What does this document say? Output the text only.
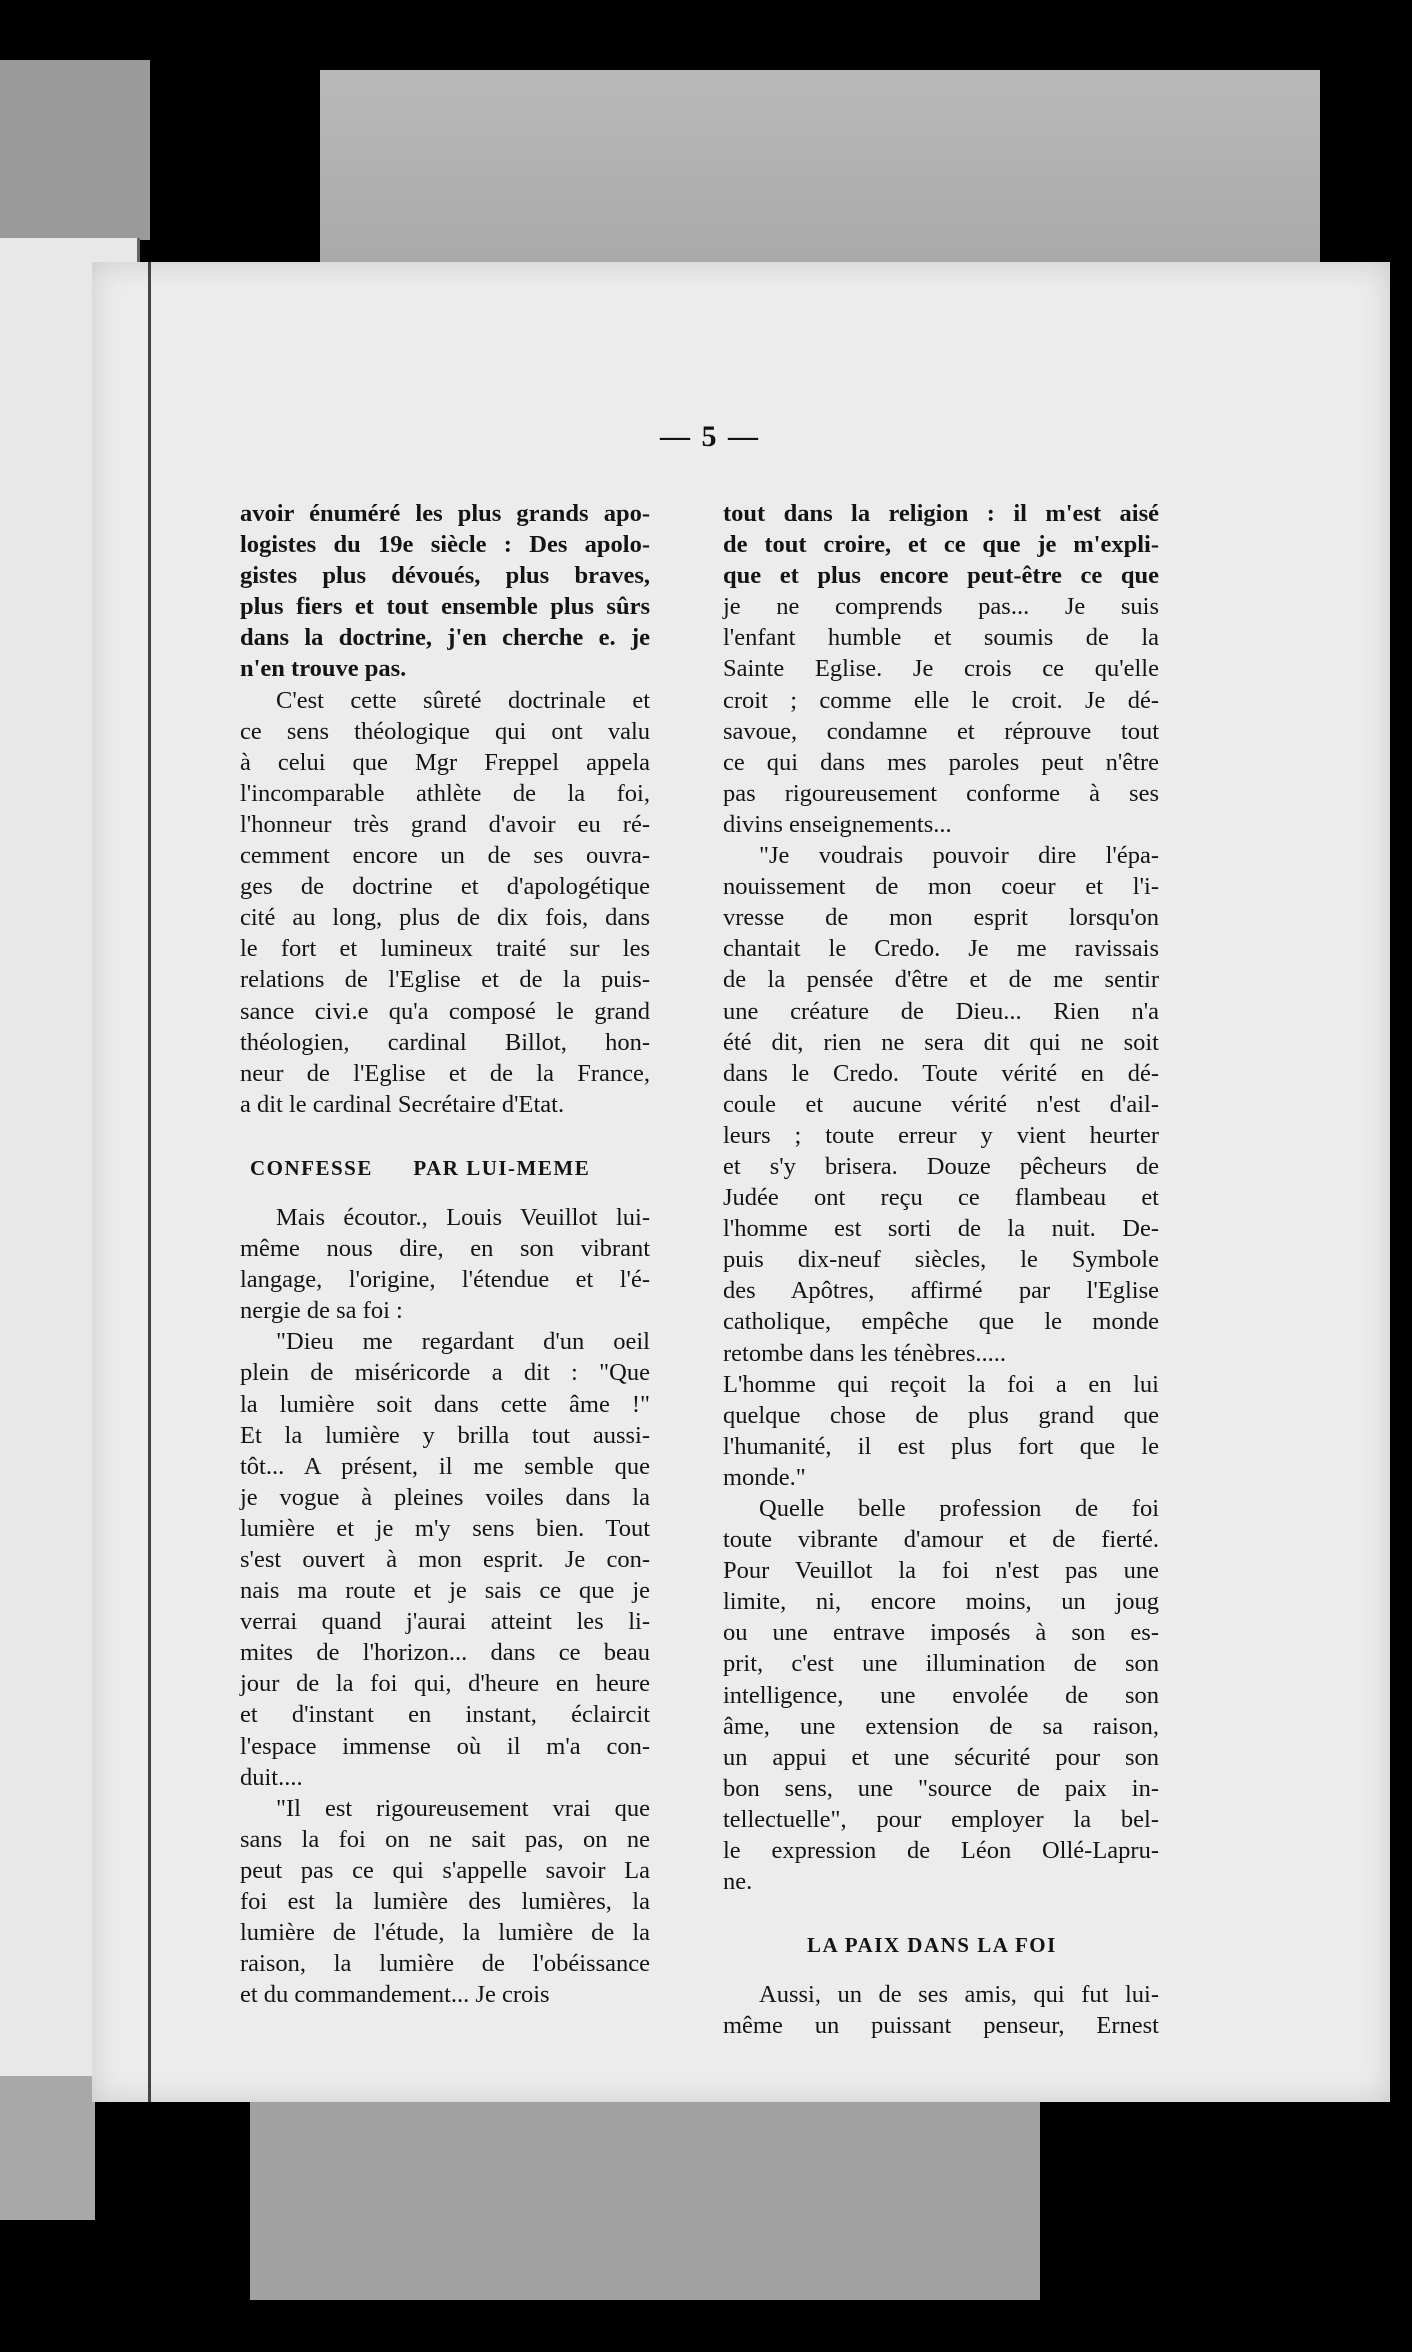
— 5 —
avoir énuméré les plus grands apo-
logistes du 19e siècle : Des apolo-
gistes plus dévoués, plus braves,
plus fiers et tout ensemble plus sûrs
dans la doctrine, j'en cherche e. je
n'en trouve pas.
C'est cette sûreté doctrinale et
ce sens théologique qui ont valu
à celui que Mgr Freppel appela
l'incomparable athlète de la foi,
l'honneur très grand d'avoir eu ré-
cemment encore un de ses ouvra-
ges de doctrine et d'apologétique
cité au long, plus de dix fois, dans
le fort et lumineux traité sur les
relations de l'Eglise et de la puis-
sance civi.e qu'a composé le grand
théologien, cardinal Billot, hon-
neur de l'Eglise et de la France,
a dit le cardinal Secrétaire d'Etat.
CONFESSE      PAR LUI-MEME
Mais écoutor., Louis Veuillot lui-
même nous dire, en son vibrant
langage, l'origine, l'étendue et l'é-
nergie de sa foi :
"Dieu me regardant d'un oeil
plein de miséricorde a dit : "Que
la lumière soit dans cette âme !"
Et la lumière y brilla tout aussi-
tôt... A présent, il me semble que
je vogue à pleines voiles dans la
lumière et je m'y sens bien. Tout
s'est ouvert à mon esprit. Je con-
nais ma route et je sais ce que je
verrai quand j'aurai atteint les li-
mites de l'horizon... dans ce beau
jour de la foi qui, d'heure en heure
et d'instant en instant, éclaircit
l'espace immense où il m'a con-
duit....
"Il est rigoureusement vrai que
sans la foi on ne sait pas, on ne
peut pas ce qui s'appelle savoir La
foi est la lumière des lumières, la
lumière de l'étude, la lumière de la
raison, la lumière de l'obéissance
et du commandement... Je crois
tout dans la religion : il m'est aisé
de tout croire, et ce que je m'expli-
que et plus encore peut-être ce que
je ne comprends pas... Je suis
l'enfant humble et soumis de la
Sainte Eglise. Je crois ce qu'elle
croit ; comme elle le croit. Je dé-
savoue, condamne et réprouve tout
ce qui dans mes paroles peut n'être
pas rigoureusement conforme à ses
divins enseignements...
"Je voudrais pouvoir dire l'épa-
nouissement de mon coeur et l'i-
vresse de mon esprit lorsqu'on
chantait le Credo. Je me ravissais
de la pensée d'être et de me sentir
une créature de Dieu... Rien n'a
été dit, rien ne sera dit qui ne soit
dans le Credo. Toute vérité en dé-
coule et aucune vérité n'est d'ail-
leurs ; toute erreur y vient heurter
et s'y brisera. Douze pêcheurs de
Judée ont reçu ce flambeau et
l'homme est sorti de la nuit. De-
puis dix-neuf siècles, le Symbole
des Apôtres, affirmé par l'Eglise
catholique, empêche que le monde
retombe dans les ténèbres.....
L'homme qui reçoit la foi a en lui
quelque chose de plus grand que
l'humanité, il est plus fort que le
monde."
Quelle belle profession de foi
toute vibrante d'amour et de fierté.
Pour Veuillot la foi n'est pas une
limite, ni, encore moins, un joug
ou une entrave imposés à son es-
prit, c'est une illumination de son
intelligence, une envolée de son
âme, une extension de sa raison,
un appui et une sécurité pour son
bon sens, une "source de paix in-
tellectuelle", pour employer la bel-
le expression de Léon Ollé-Lapru-
ne.
LA PAIX DANS LA FOI
Aussi, un de ses amis, qui fut lui-
même un puissant penseur, Ernest
